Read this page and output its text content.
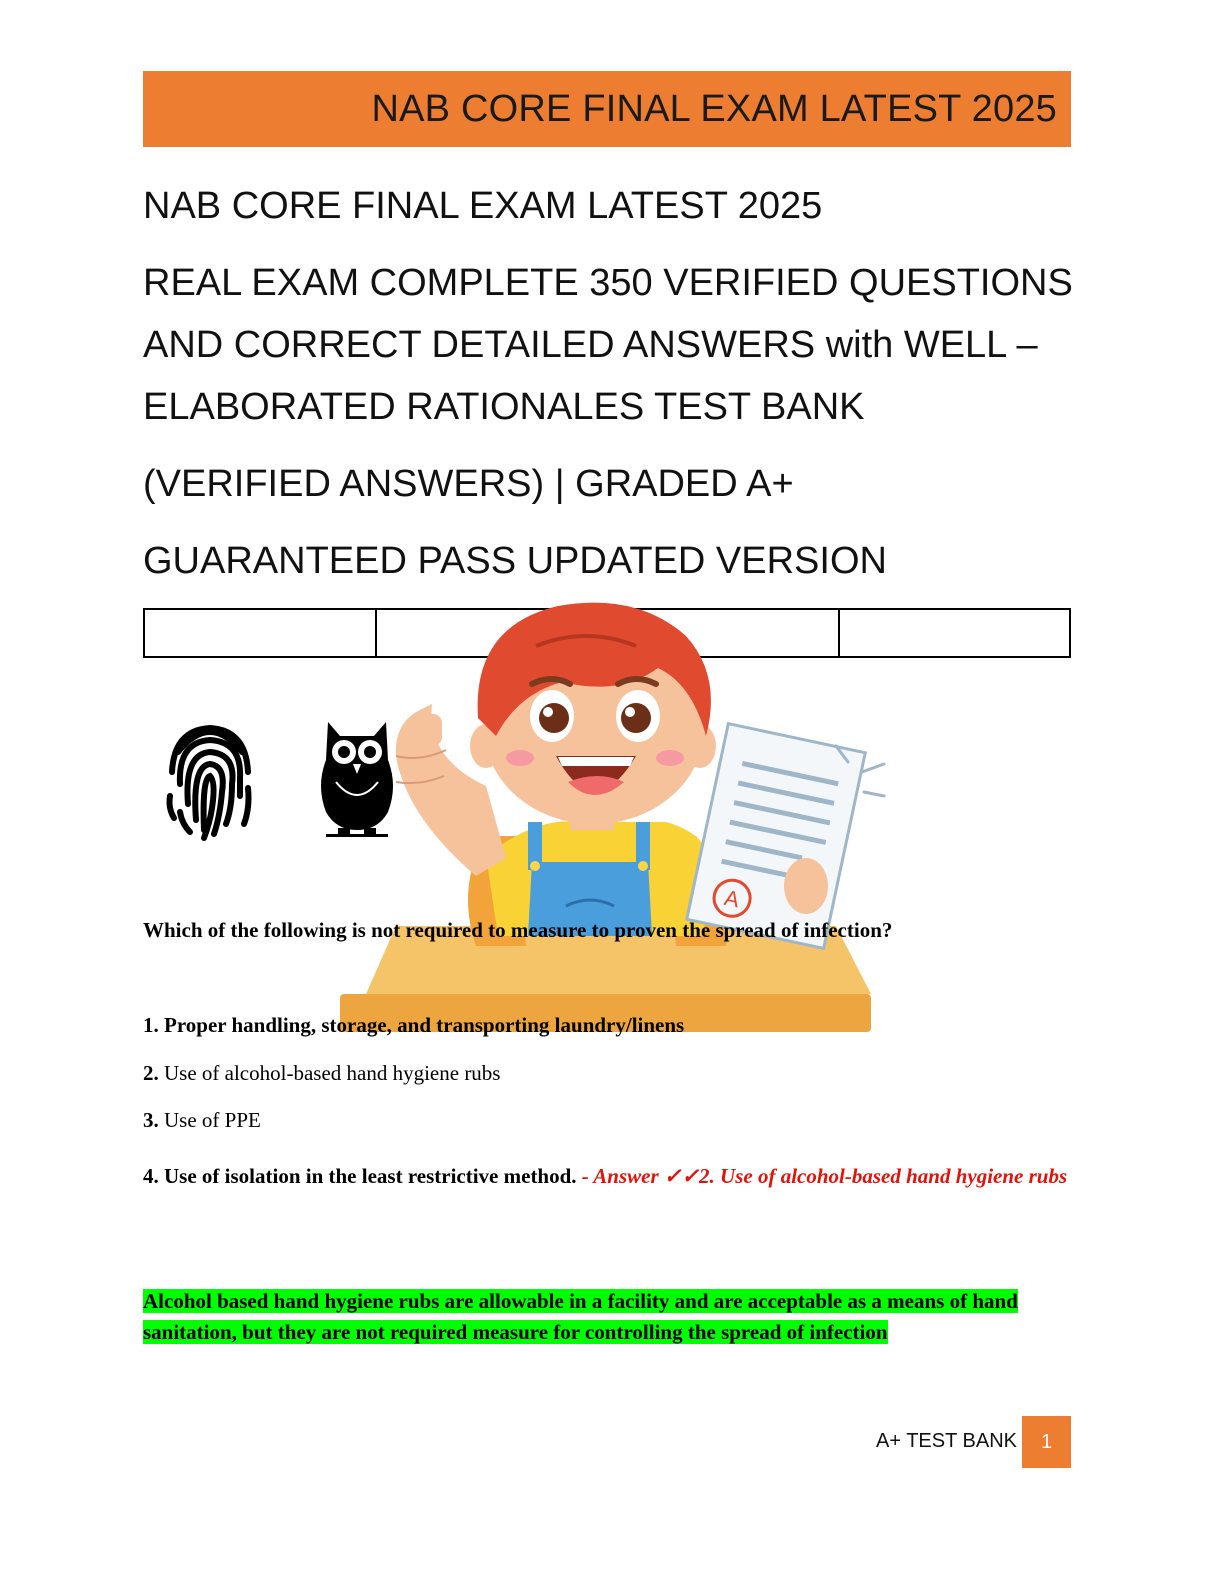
NAB CORE FINAL EXAM LATEST 2025
NAB CORE FINAL EXAM LATEST 2025
REAL EXAM COMPLETE 350 VERIFIED QUESTIONS
AND CORRECT DETAILED ANSWERS with WELL –
ELABORATED RATIONALES TEST BANK
(VERIFIED ANSWERS) | GRADED A+
GUARANTEED PASS UPDATED VERSION

A
Which of the following is not required to measure to proven the spread of infection?
1. Proper handling, storage, and transporting laundry/linens
2. Use of alcohol-based hand hygiene rubs
3. Use of PPE
4. Use of isolation in the least restrictive method. - Answer ✓✓2. Use of alcohol-based hand hygiene rubs
Alcohol based hand hygiene rubs are allowable in a facility and are acceptable as a means of hand sanitation, but they are not required measure for controlling the spread of infection
A+ TEST BANK	1
